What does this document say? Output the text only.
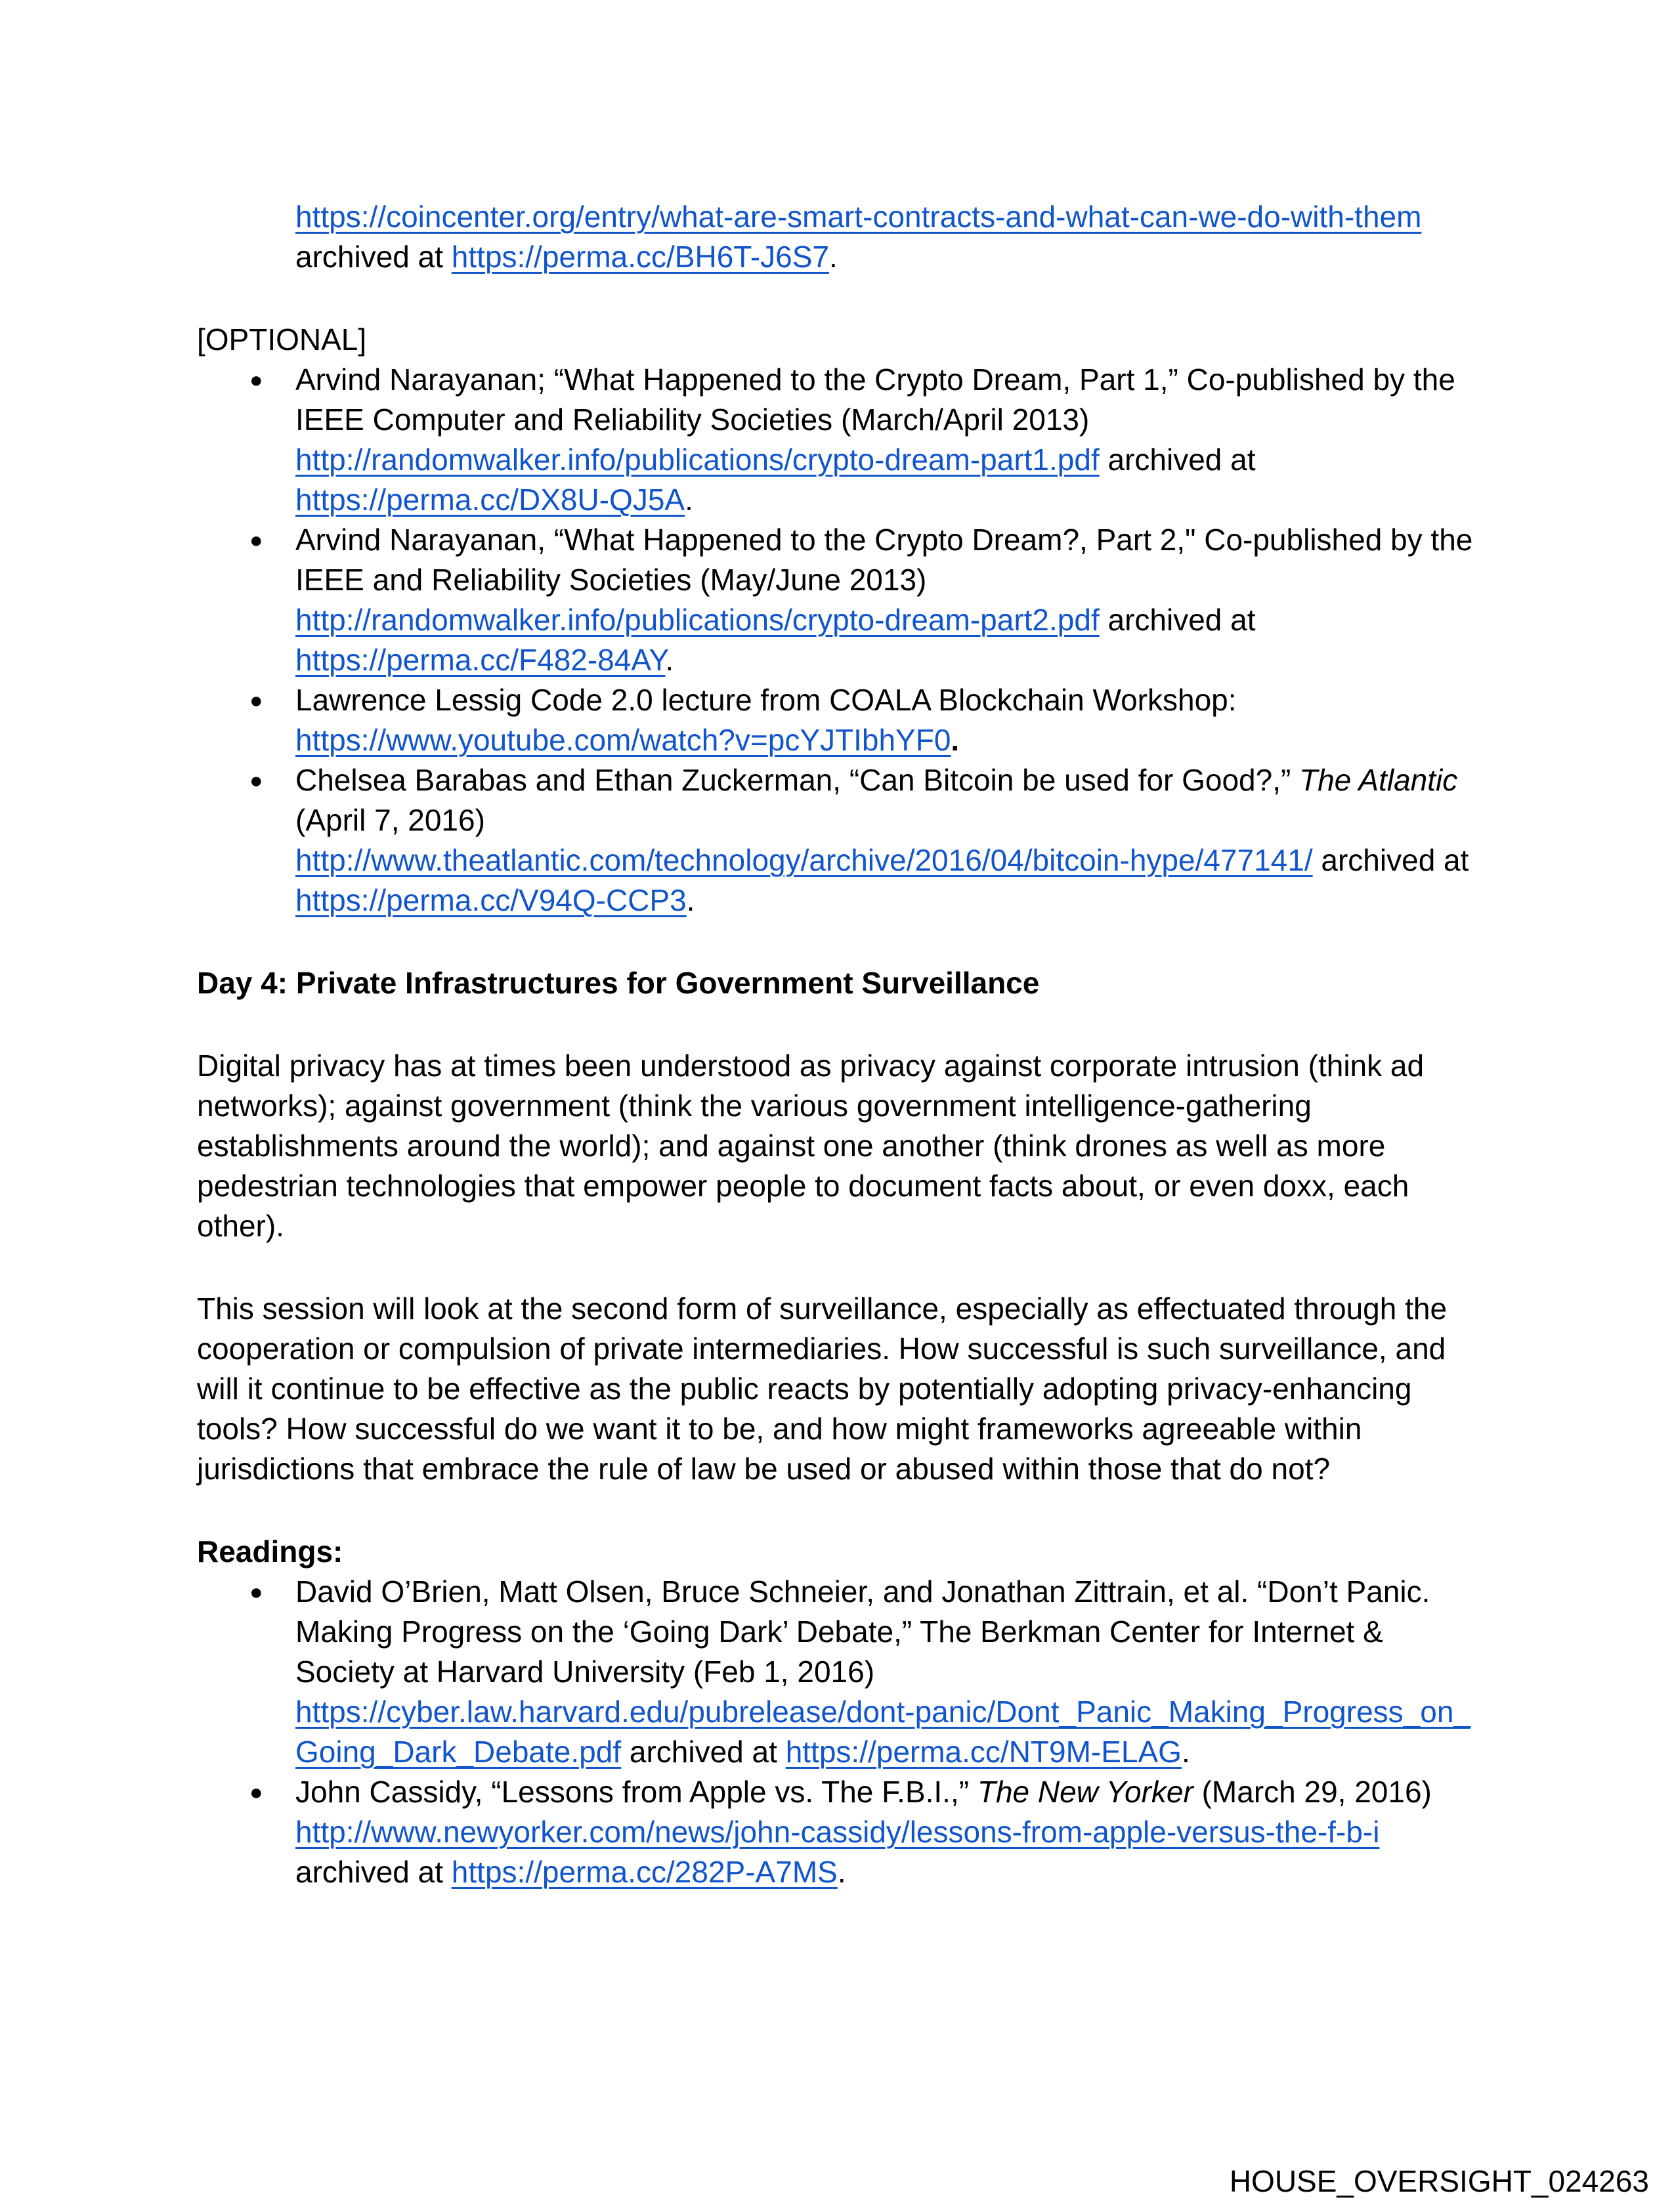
https://coincenter.org/entry/what-are-smart-contracts-and-what-can-we-do-with-them
archived at https://perma.cc/BH6T-J6S7.
[OPTIONAL]
● Arvind Narayanan; “What Happened to the Crypto Dream, Part 1,” Co-published by the
IEEE Computer and Reliability Societies (March/April 2013)
http://randomwalker.info/publications/crypto-dream-part1.pdf archived at
https://perma.cc/DX8U-QJ5A.
● Arvind Narayanan, “What Happened to the Crypto Dream?, Part 2," Co-published by the
IEEE and Reliability Societies (May/June 2013)
http://randomwalker.info/publications/crypto-dream-part2.pdf archived at
https://perma.cc/F482-84AY.
● Lawrence Lessig Code 2.0 lecture from COALA Blockchain Workshop:
https://www.youtube.com/watch?v=pcYJTIbhYF0.
● Chelsea Barabas and Ethan Zuckerman, “Can Bitcoin be used for Good?,” The Atlantic
(April 7, 2016)
http://www.theatlantic.com/technology/archive/2016/04/bitcoin-hype/477141/ archived at
https://perma.cc/V94Q-CCP3.
Day 4: Private Infrastructures for Government Surveillance
Digital privacy has at times been understood as privacy against corporate intrusion (think ad
networks); against government (think the various government intelligence-gathering
establishments around the world); and against one another (think drones as well as more
pedestrian technologies that empower people to document facts about, or even doxx, each
other).
This session will look at the second form of surveillance, especially as effectuated through the
cooperation or compulsion of private intermediaries. How successful is such surveillance, and
will it continue to be effective as the public reacts by potentially adopting privacy-enhancing
tools? How successful do we want it to be, and how might frameworks agreeable within
jurisdictions that embrace the rule of law be used or abused within those that do not?
Readings:
● David O’Brien, Matt Olsen, Bruce Schneier, and Jonathan Zittrain, et al. “Don’t Panic.
Making Progress on the ‘Going Dark’ Debate,” The Berkman Center for Internet &
Society at Harvard University (Feb 1, 2016)
https://cyber.law.harvard.edu/pubrelease/dont-panic/Dont_Panic_Making_Progress_on_
Going_Dark_Debate.pdf archived at https://perma.cc/NT9M-ELAG.
● John Cassidy, “Lessons from Apple vs. The F.B.I.,” The New Yorker (March 29, 2016)
http://www.newyorker.com/news/john-cassidy/lessons-from-apple-versus-the-f-b-i
archived at https://perma.cc/282P-A7MS.
HOUSE_OVERSIGHT_024263
